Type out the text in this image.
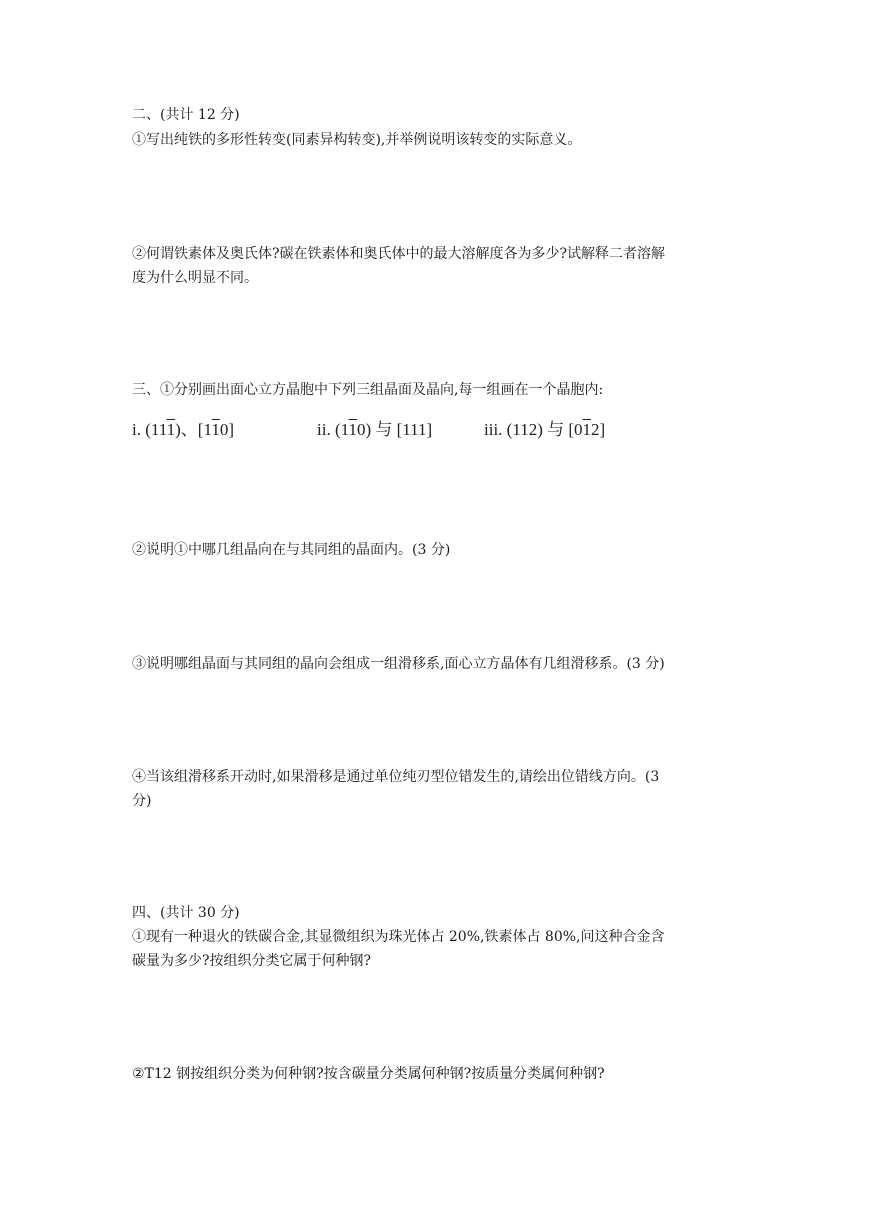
二、(共计 12 分)
①写出纯铁的多形性转变(同素异构转变),并举例说明该转变的实际意义。
②何谓铁素体及奥氏体?碳在铁素体和奥氏体中的最大溶解度各为多少?试解释二者溶解
度为什么明显不同。
三、①分别画出面心立方晶胞中下列三组晶面及晶向,每一组画在一个晶胞内:
i. (111)、[110]	ii. (110) 与 [111]	iii. (112) 与 [012]
②说明①中哪几组晶向在与其同组的晶面内。(3 分)
③说明哪组晶面与其同组的晶向会组成一组滑移系,面心立方晶体有几组滑移系。(3 分)
④当该组滑移系开动时,如果滑移是通过单位纯刃型位错发生的,请绘出位错线方向。(3
分)
四、(共计 30 分)
①现有一种退火的铁碳合金,其显微组织为珠光体占 20%,铁素体占 80%,问这种合金含
碳量为多少?按组织分类它属于何种钢?
②T12 钢按组织分类为何种钢?按含碳量分类属何种钢?按质量分类属何种钢?
